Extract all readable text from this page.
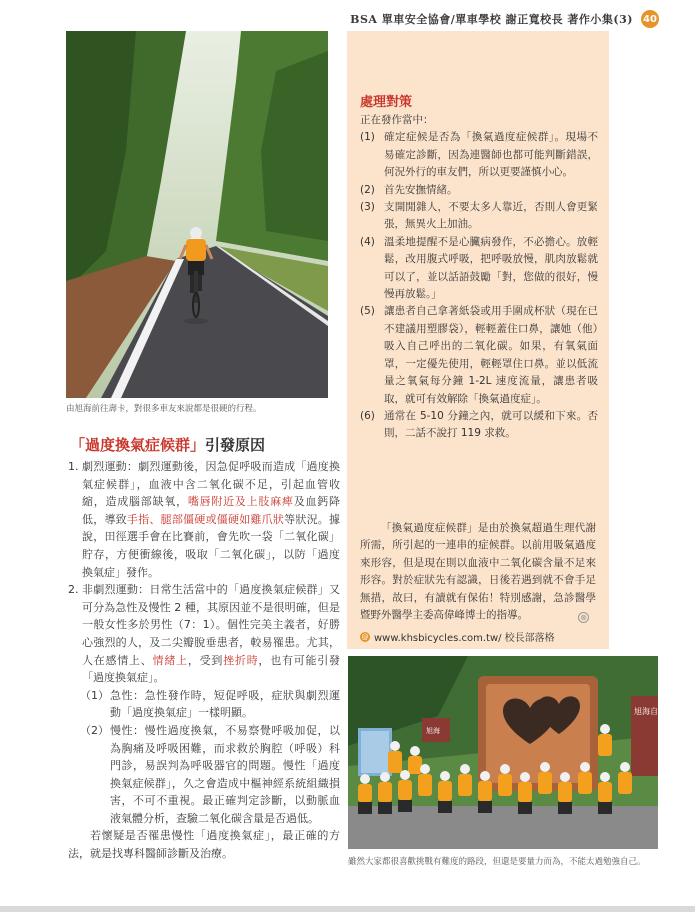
BSA 單車安全協會/單車學校 謝正寬校長 著作小集(3) 40
由旭海前往壽卡，對很多車友來說都是很硬的行程。
「過度換氣症候群」引發原因
1. 劇烈運動：劇烈運動後，因急促呼吸而造成「過度換氣症候群」，血液中含二氧化碳不足，引起血管收縮，造成腦部缺氧，嘴唇附近及上肢麻痺及血鈣降低，導致手指、腿部僵硬或僵硬如雞爪狀等狀況。據說，田徑選手會在比賽前，會先吹一袋「二氧化碳」貯存，方便衝線後，吸取「二氧化碳」，以防「過度換氣症」發作。
2. 非劇烈運動：日常生活當中的「過度換氣症候群」又可分為急性及慢性 2 種，其原因並不是很明確，但是一般女性多於男性（7：1）。個性完美主義者，好勝心強烈的人，及二尖瓣脫垂患者，較易罹患。尤其，人在感情上、情緒上，受到挫折時，也有可能引發「過度換氣症」。
（1） 急性：急性發作時，短促呼吸，症狀與劇烈運動「過度換氣症」一樣明顯。
（2） 慢性：慢性過度換氣，不易察覺呼吸加促，以為胸痛及呼吸困難，而求救於胸腔（呼吸）科門診，易誤判為呼吸器官的問題。慢性「過度換氣症候群」，久之會造成中樞神經系統組織損害，不可不重視。最正確判定診斷，以動脈血液氣體分析，查驗二氧化碳含量是否過低。

若懷疑是否罹患慢性「過度換氣症」，最正確的方法，就是找專科醫師診斷及治療。

處理對策

正在發作當中：

(1) 確定症候是否為「換氣過度症候群」。現場不易確定診斷，因為連醫師也都可能判斷錯誤，何況外行的車友們，所以更要謹慎小心。
(2) 首先安撫情緒。
(3) 支開閒雜人，不要太多人靠近，否則人會更緊張，無異火上加油。
(4) 溫柔地提醒不是心臟病發作，不必擔心。放輕鬆，改用腹式呼吸，把呼吸放慢，肌肉放鬆就可以了，並以話語鼓勵「對，您做的很好，慢慢再放鬆。」
(5) 讓患者自己拿著紙袋或用手圍成杯狀（現在已不建議用塑膠袋），輕輕蓋住口鼻，讓她（他）吸入自己呼出的二氧化碳。如果，有氧氣面罩，一定優先使用，輕輕罩住口鼻。並以低流量之氧氣每分鐘 1-2L 速度流量，讓患者吸取，就可有效解除「換氣過度症」。
(6) 通常在 5-10 分鐘之內，就可以緩和下來。否則，二話不說打 119 求救。
「換氣過度症候群」是由於換氣超過生理代謝所需，所引起的一連串的症候群。以前用吸氣過度來形容，但是現在則以血液中二氧化碳含量不足來形容。對於症狀先有認識，日後若遇到就不會手足無措，故曰，有讀就有保佑！特別感謝，急診醫學暨野外醫學主委高偉峰博士的指導。	⊗
@ www.khsbicycles.com.tw/ 校長部落格
旭海自然
旭海
雖然大家都很喜歡挑戰有難度的路段，但還是要量力而為，不能太過勉強自己。
